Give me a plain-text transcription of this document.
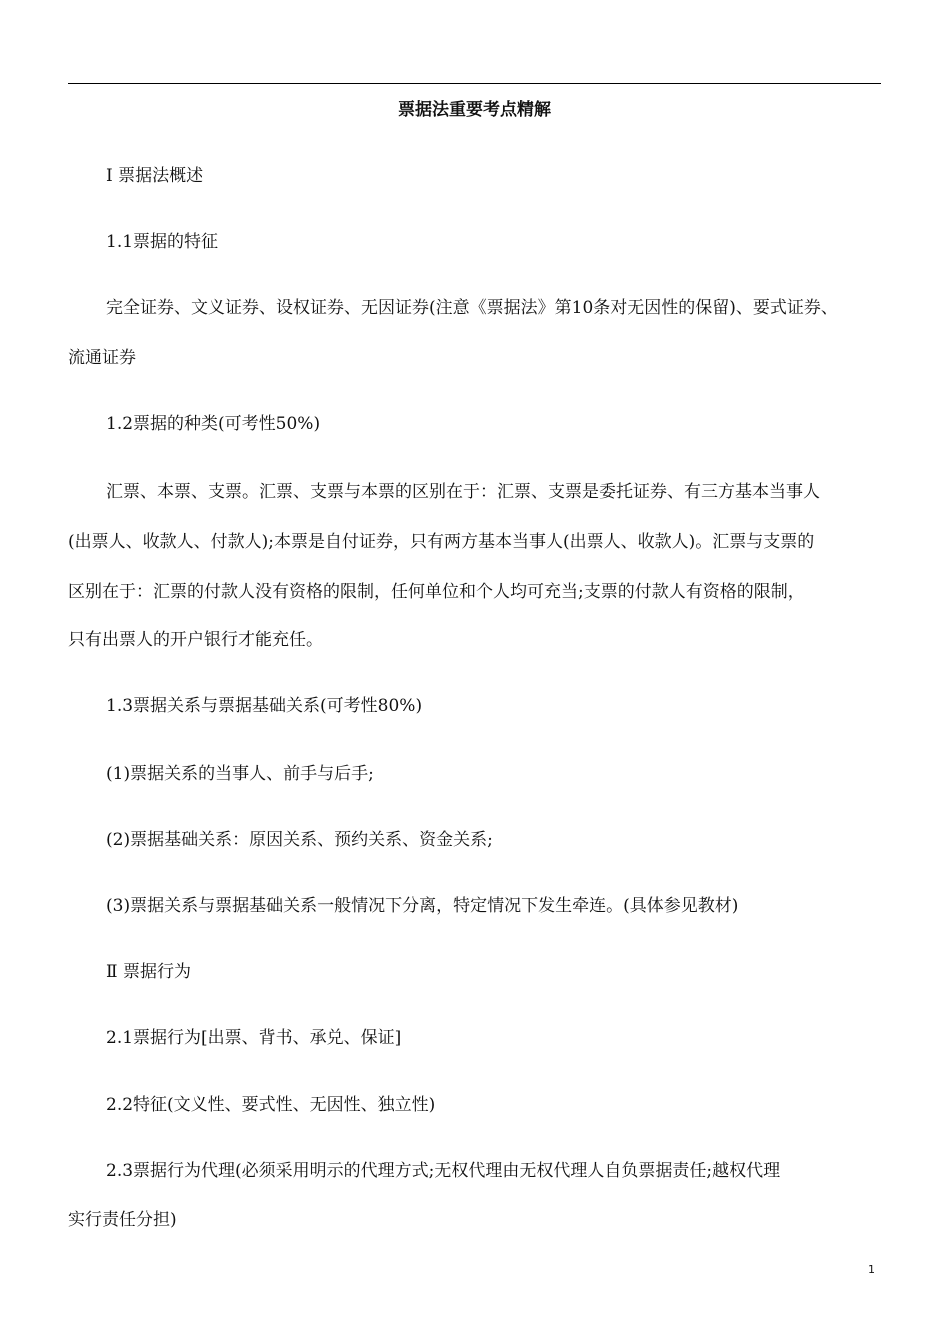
票据法重要考点精解
Ⅰ 票据法概述
1.1票据的特征
完全证券、文义证券、设权证券、无因证券(注意《票据法》第10条对无因性的保留)、要式证券、
流通证券
1.2票据的种类(可考性50%)
汇票、本票、支票。汇票、支票与本票的区别在于：汇票、支票是委托证券、有三方基本当事人
(出票人、收款人、付款人);本票是自付证券，只有两方基本当事人(出票人、收款人)。汇票与支票的
区别在于：汇票的付款人没有资格的限制，任何单位和个人均可充当;支票的付款人有资格的限制，
只有出票人的开户银行才能充任。
1.3票据关系与票据基础关系(可考性80%)
(1)票据关系的当事人、前手与后手;
(2)票据基础关系：原因关系、预约关系、资金关系;
(3)票据关系与票据基础关系一般情况下分离，特定情况下发生牵连。(具体参见教材)
Ⅱ 票据行为
2.1票据行为[出票、背书、承兑、保证]
2.2特征(文义性、要式性、无因性、独立性)
2.3票据行为代理(必须采用明示的代理方式;无权代理由无权代理人自负票据责任;越权代理
实行责任分担)
1
